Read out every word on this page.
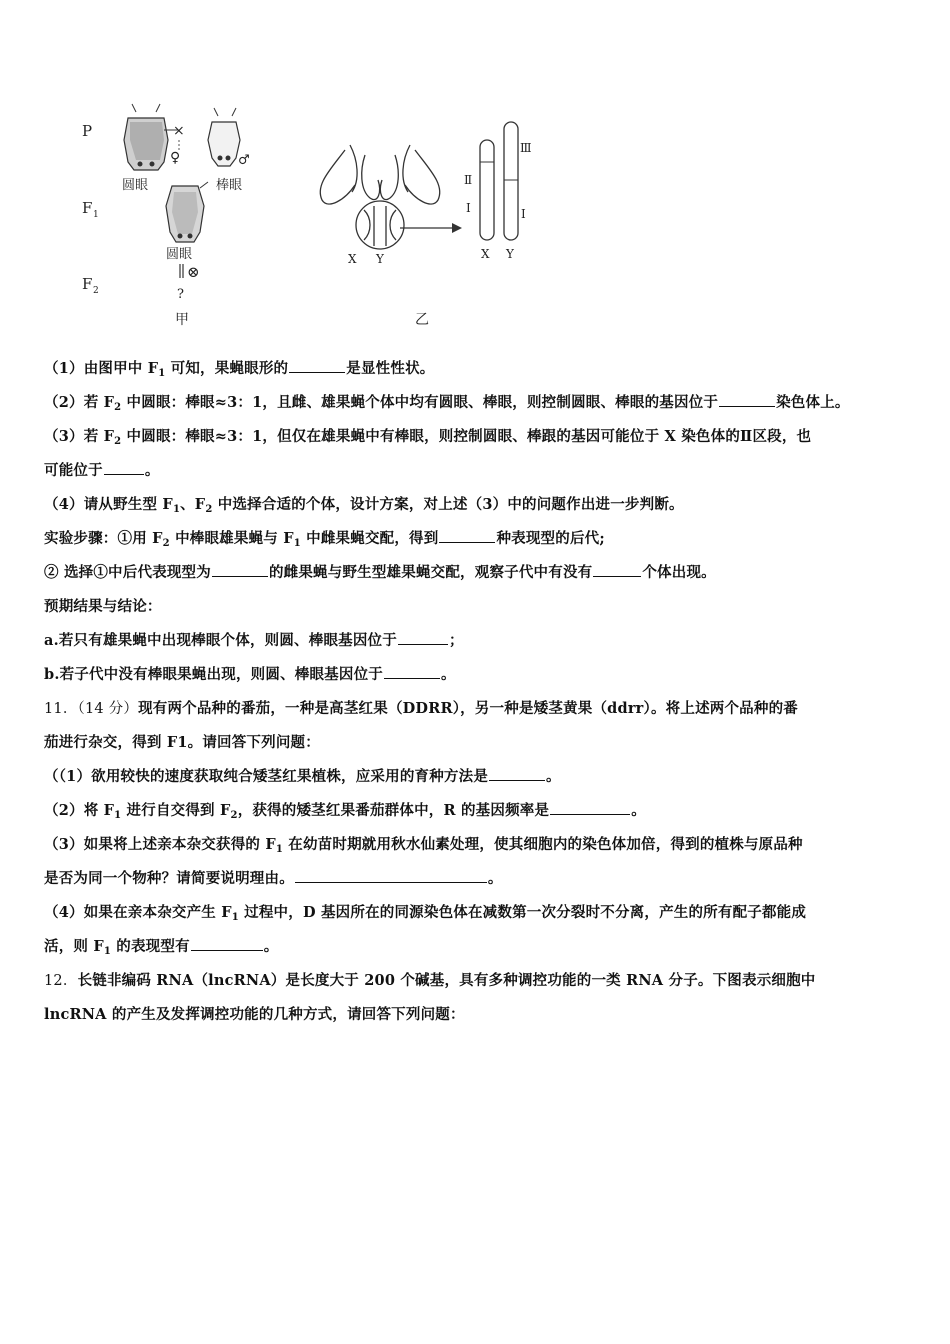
P
F 1
F 2
×
♀
圆眼
♂
棒眼
圆眼
⊗
?
甲
X Y
Ⅱ
Ⅰ
X
Ⅲ
Ⅰ
Y
乙
（1）由图甲中 $F_1$ 可知，果蝇眼形的	是显性性状。
（2）若 $F_2$ 中圆眼：棒眼≈3：1，且雌、雄果蝇个体中均有圆眼、棒眼，则控制圆眼、棒眼的基因位于	染色体上。
（3）若 $F_2$ 中圆眼：棒眼≈3：1，但仅在雄果蝇中有棒眼，则控制圆眼、棒跟的基因可能位于 X 染色体的Ⅱ区段，也
可能位于	。
（4）请从野生型 $F_1$、$F_2$ 中选择合适的个体，设计方案，对上述（3）中的问题作出进一步判断。
实验步骤：①用 $F_2$ 中棒眼雄果蝇与 $F_1$ 中雌果蝇交配，得到	种表现型的后代;
② 选择①中后代表现型为	的雌果蝇与野生型雄果蝇交配，观察子代中有没有	个体出现。
预期结果与结论：
a.若只有雄果蝇中出现棒眼个体，则圆、棒眼基因位于	；
b.若子代中没有棒眼果蝇出现，则圆、棒眼基因位于	。
11．（14 分）现有两个品种的番茄，一种是高茎红果（DDRR），另一种是矮茎黄果（ddrr）。将上述两个品种的番
茄进行杂交，得到 F1。请回答下列问题：
（（1）欲用较快的速度获取纯合矮茎红果植株，应采用的育种方法是	。
（2）将 $F_1$ 进行自交得到 $F_2$，获得的矮茎红果番茄群体中，R 的基因频率是	。
（3）如果将上述亲本杂交获得的 $F_1$ 在幼苗时期就用秋水仙素处理，使其细胞内的染色体加倍，得到的植株与原品种
是否为同一个物种？请简要说明理由。	。
（4）如果在亲本杂交产生 $F_1$ 过程中，D 基因所在的同源染色体在减数第一次分裂时不分离，产生的所有配子都能成
活，则 $F_1$ 的表现型有	。
12．长链非编码 RNA（lncRNA）是长度大于 200 个碱基，具有多种调控功能的一类 RNA 分子。下图表示细胞中
lncRNA 的产生及发挥调控功能的几种方式，请回答下列问题：
